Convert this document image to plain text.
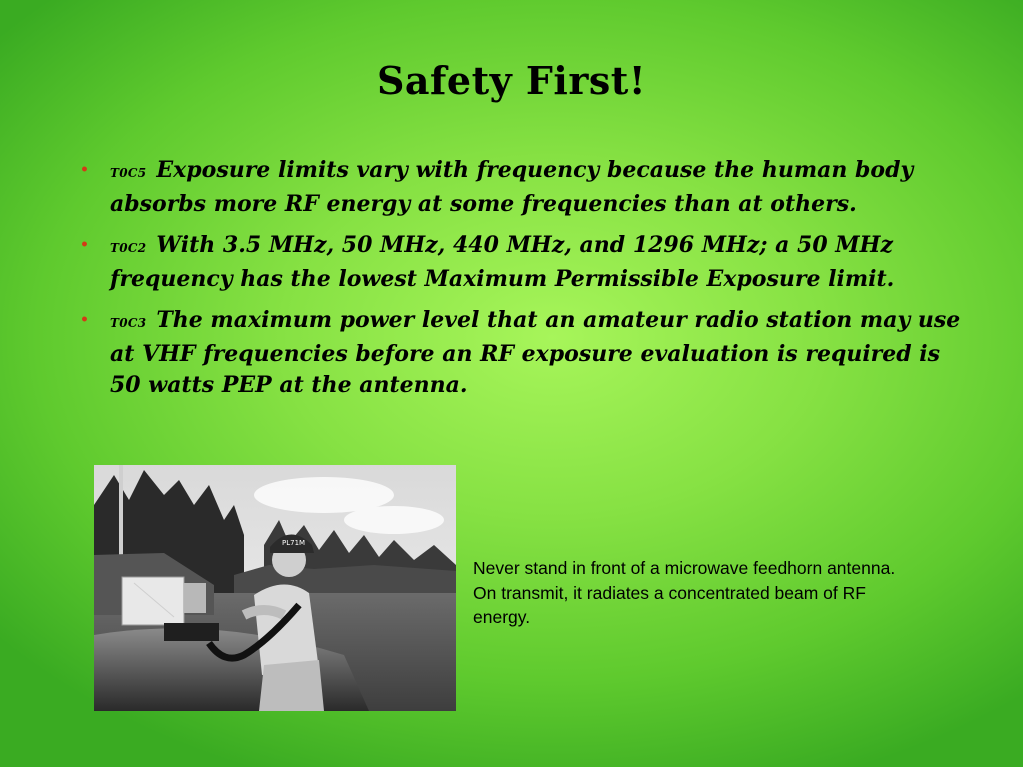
Safety First!
• T0C5 Exposure limits vary with frequency because the human body absorbs more RF energy at some frequencies than at others.
• T0C2 With 3.5 MHz, 50 MHz, 440 MHz, and 1296 MHz; a 50 MHz frequency has the lowest Maximum Permissible Exposure limit.
• T0C3 The maximum power level that an amateur radio station may use at VHF frequencies before an RF exposure evaluation is required is 50 watts PEP at the antenna.
PL71M
Never stand in front of a microwave feedhorn antenna. On transmit, it radiates a concentrated beam of RF energy.
